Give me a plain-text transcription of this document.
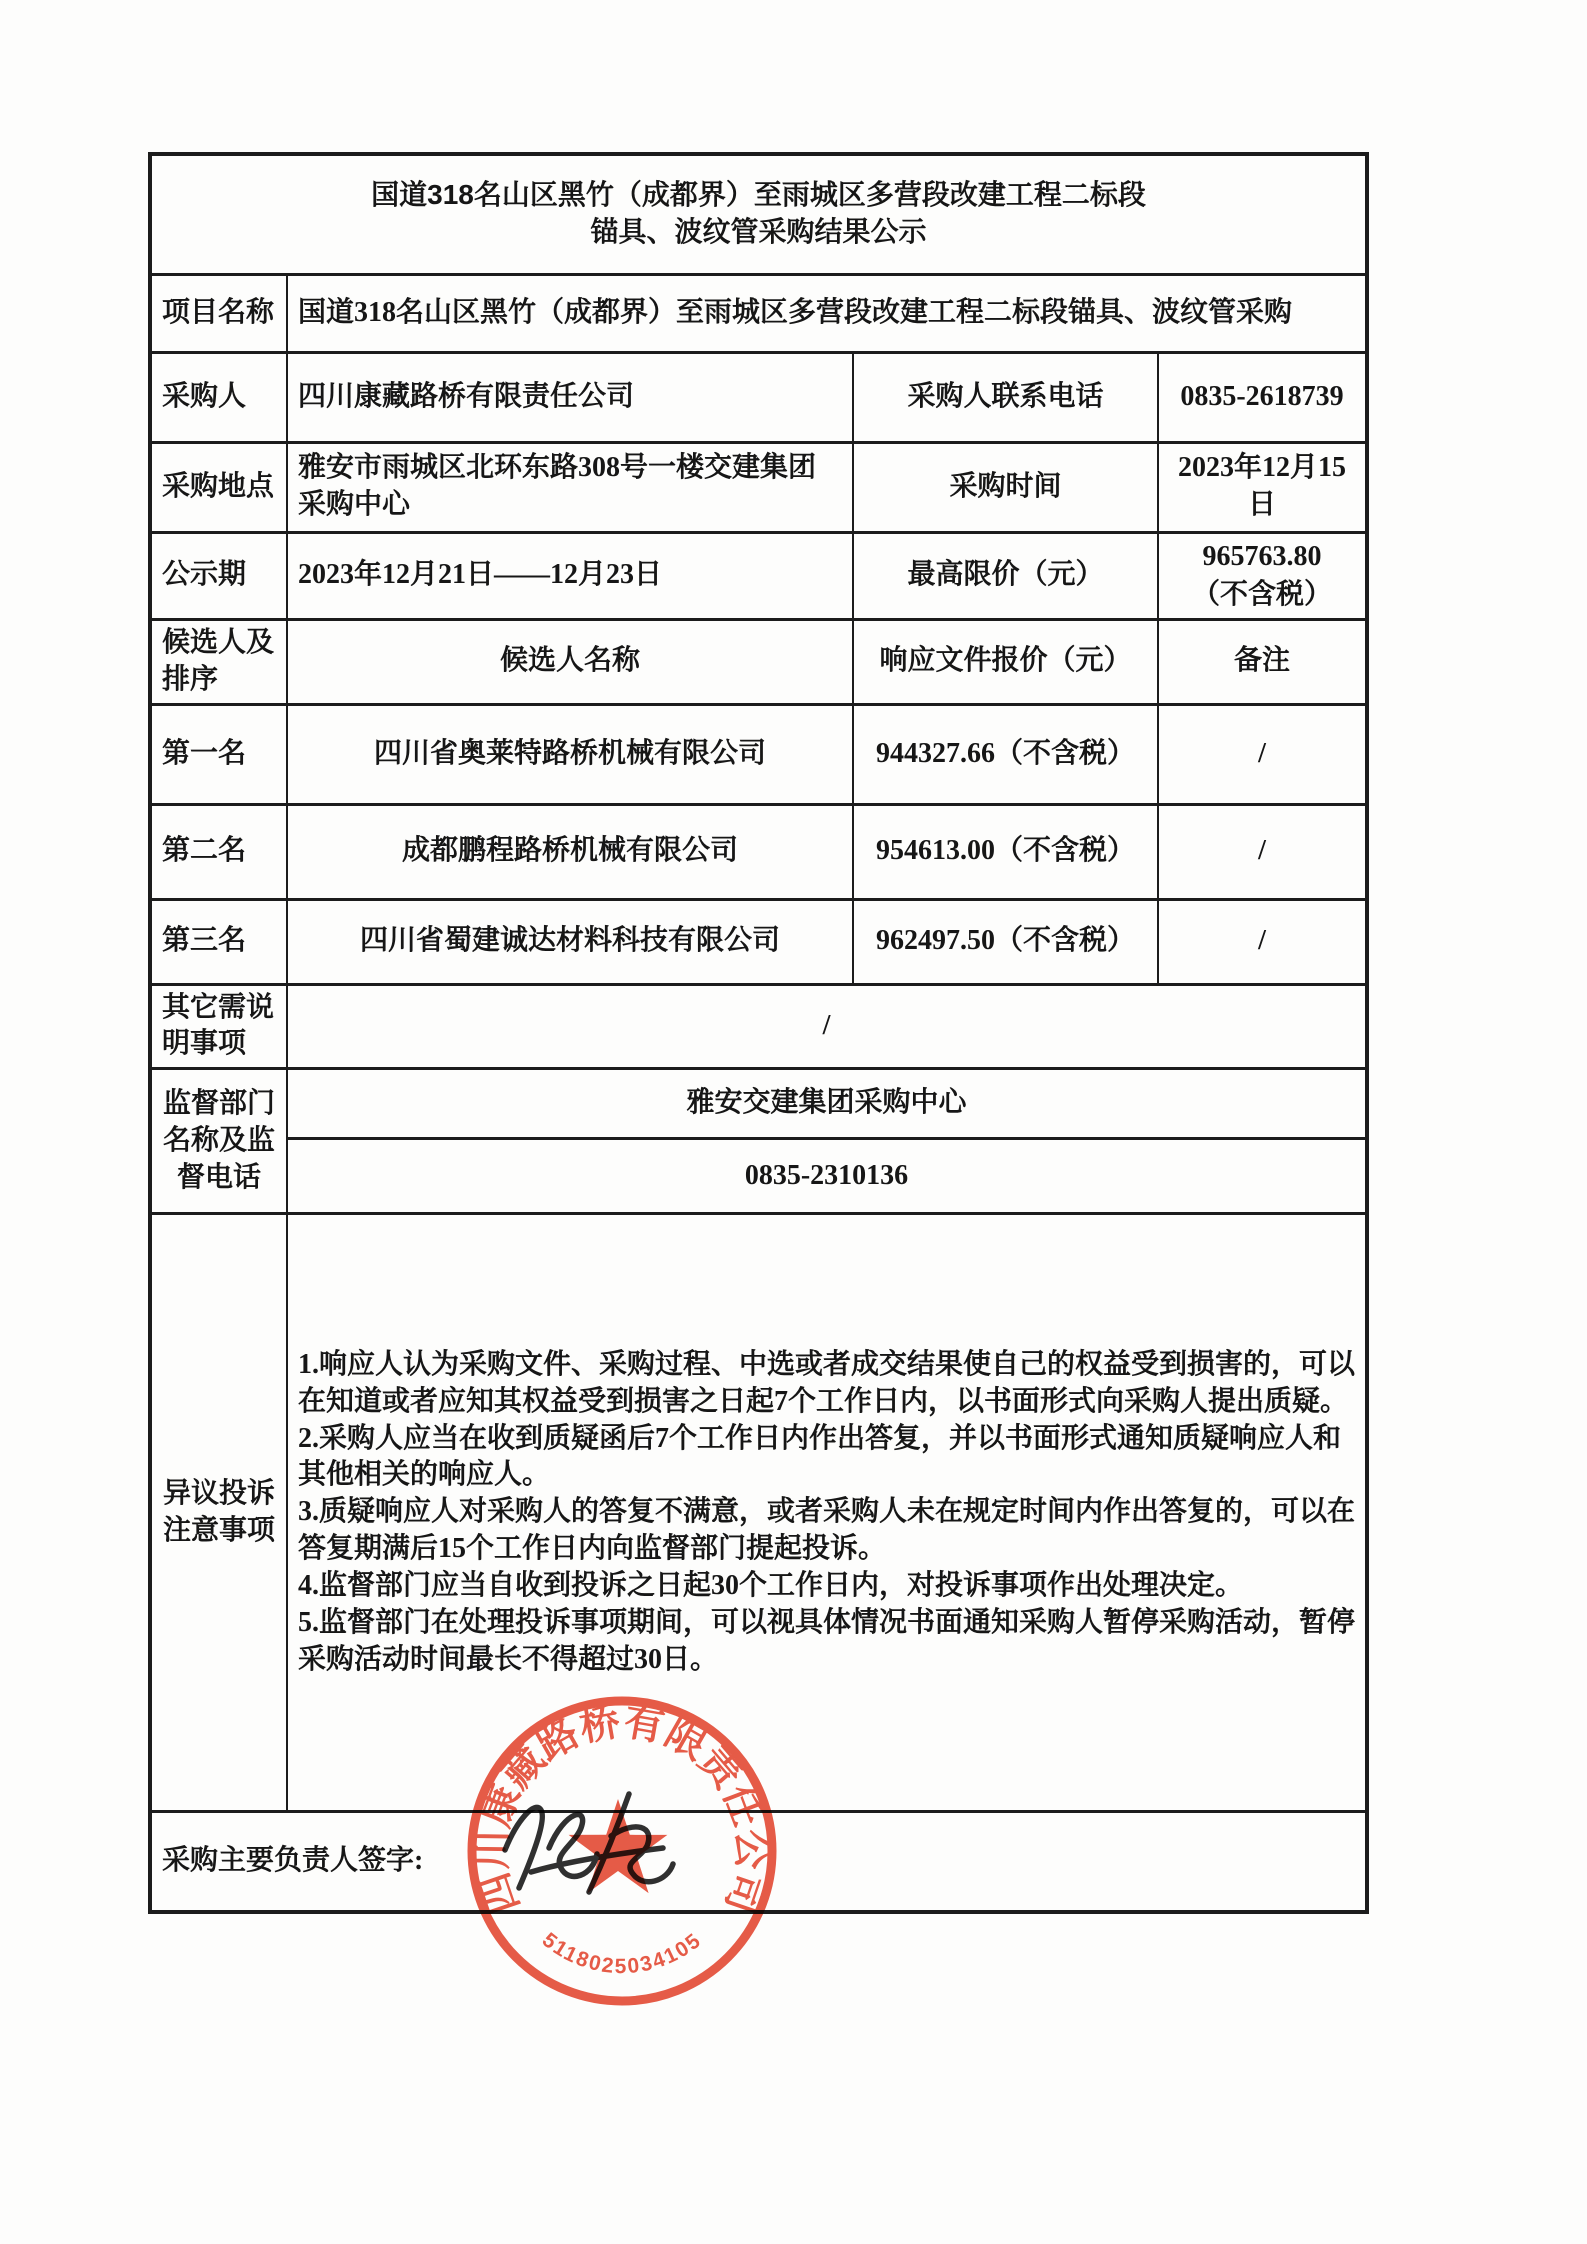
国道318名山区黑竹（成都界）至雨城区多营段改建工程二标段
锚具、波纹管采购结果公示			

项目名称	国道318名山区黑竹（成都界）至雨城区多营段改建工程二标段锚具、波纹管采购		
采购人	四川康藏路桥有限责任公司	采购人联系电话	0835-2618739
采购地点	雅安市雨城区北环东路308号一楼交建集团采购中心	采购时间	2023年12月15日
公示期	2023年12月21日——12月23日	最高限价（元）	965763.80
（不含税）

候选人及排序	候选人名称	响应文件报价（元）	备注
第一名	四川省奥莱特路桥机械有限公司	944327.66（不含税）	/
第二名	成都鹏程路桥机械有限公司	954613.00（不含税）	/
第三名	四川省蜀建诚达材料科技有限公司	962497.50（不含税）	/
其它需说明事项	/		
监督部门名称及监督电话	雅安交建集团采购中心		
	0835-2310136		
异议投诉注意事项	1.响应人认为采购文件、采购过程、中选或者成交结果使自己的权益受到损害的，可以在知道或者应知其权益受到损害之日起7个工作日内，以书面形式向采购人提出质疑。
2.采购人应当在收到质疑函后7个工作日内作出答复，并以书面形式通知质疑响应人和其他相关的响应人。
3.质疑响应人对采购人的答复不满意，或者采购人未在规定时间内作出答复的，可以在答复期满后15个工作日内向监督部门提起投诉。
4.监督部门应当自收到投诉之日起30个工作日内，对投诉事项作出处理决定。
5.监督部门在处理投诉事项期间，可以视具体情况书面通知采购人暂停采购活动，暂停采购活动时间最长不得超过30日。		

采购主要负责人签字:			
四川康藏路桥有限责任公司
5118025034105
